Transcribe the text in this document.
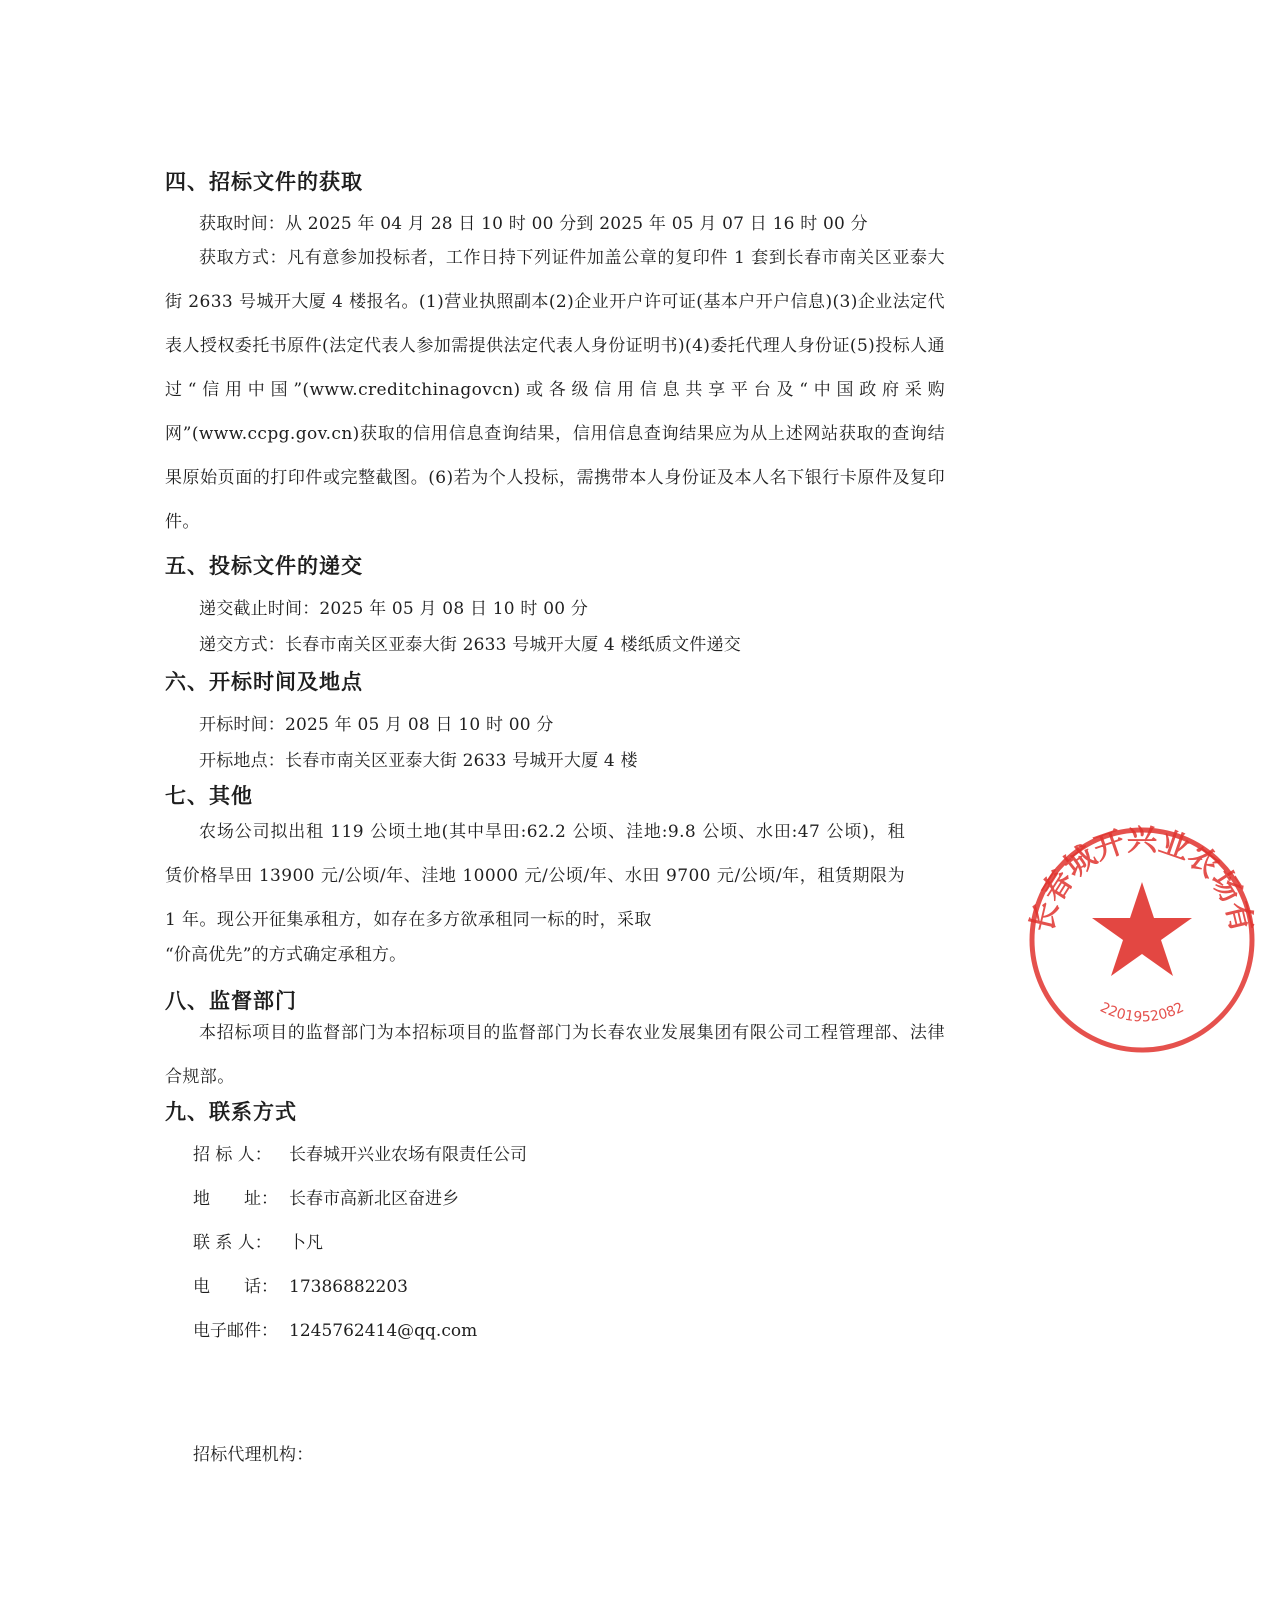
四、招标文件的获取
获取时间：从 2025 年 04 月 28 日 10 时 00 分到 2025 年 05 月 07 日 16 时 00 分
获取方式：凡有意参加投标者，工作日持下列证件加盖公章的复印件 1 套到长春市南关区亚泰大街 2633 号城开大厦 4 楼报名。(1)营业执照副本(2)企业开户许可证(基本户开户信息)(3)企业法定代表人授权委托书原件(法定代表人参加需提供法定代表人身份证明书)(4)委托代理人身份证(5)投标人通过“信用中国”(www.creditchinagovcn)或各级信用信息共享平台及“中国政府采购网”(www.ccpg.gov.cn)获取的信用信息查询结果，信用信息查询结果应为从上述网站获取的查询结果原始页面的打印件或完整截图。(6)若为个人投标，需携带本人身份证及本人名下银行卡原件及复印件。
五、投标文件的递交
递交截止时间：2025 年 05 月 08 日 10 时 00 分
递交方式：长春市南关区亚泰大街 2633 号城开大厦 4 楼纸质文件递交
六、开标时间及地点
开标时间：2025 年 05 月 08 日 10 时 00 分
开标地点：长春市南关区亚泰大街 2633 号城开大厦 4 楼
七、其他
农场公司拟出租 119 公顷土地(其中旱田:62.2 公顷、洼地:9.8 公顷、水田:47 公顷)，租赁价格旱田 13900 元/公顷/年、洼地 10000 元/公顷/年、水田 9700 元/公顷/年，租赁期限为 1 年。现公开征集承租方，如存在多方欲承租同一标的时，采取
“价高优先”的方式确定承租方。
八、监督部门
本招标项目的监督部门为本招标项目的监督部门为长春农业发展集团有限公司工程管理部、法律合规部。
九、联系方式
招 标 人： 长春城开兴业农场有限责任公司
地　　址： 长春市高新北区奋进乡
联 系 人： 卜凡
电　　话： 17386882203
电子邮件： 1245762414@qq.com
招标代理机构：
长春城开兴业农场有
2201952082
